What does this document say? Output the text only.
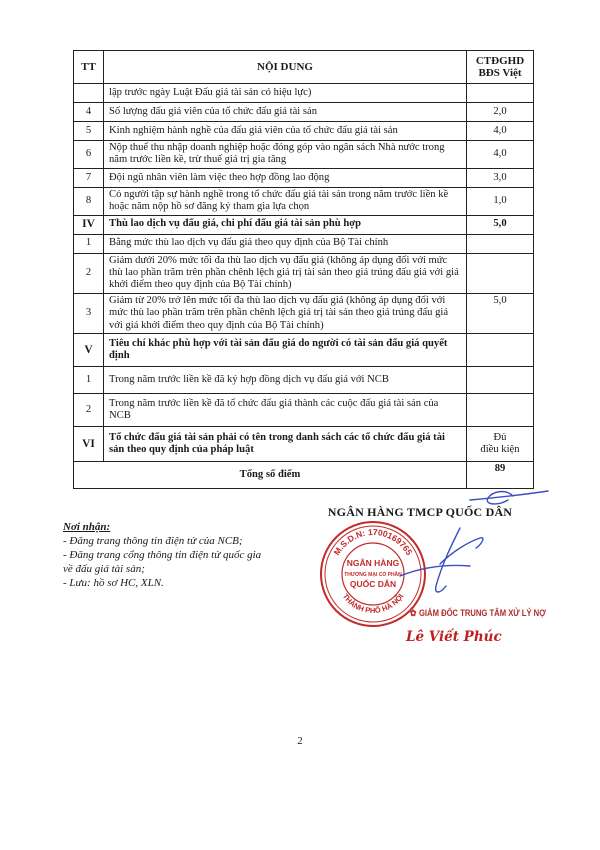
TT	NỘI DUNG	CTĐGHD
BĐS Việt
	lập trước ngày Luật Đấu giá tài sản có hiệu lực)	
4	Số lượng đấu giá viên của tổ chức đấu giá tài sản	2,0
5	Kinh nghiệm hành nghề của đấu giá viên của tổ chức đấu giá tài sản	4,0
6	Nộp thuế thu nhập doanh nghiệp hoặc đóng góp vào ngân sách Nhà nước trong năm trước liền kề, trừ thuế giá trị gia tăng	4,0
7	Đội ngũ nhân viên làm việc theo hợp đồng lao động	3,0
8	Có người tập sự hành nghề trong tổ chức đấu giá tài sản trong năm trước liền kề hoặc năm nộp hồ sơ đăng ký tham gia lựa chọn	1,0
IV	Thù lao dịch vụ đấu giá, chi phí đấu giá tài sản phù hợp	5,0
1	Bằng mức thù lao dịch vụ đấu giá theo quy định của Bộ Tài chính	
2	Giảm dưới 20% mức tối đa thù lao dịch vụ đấu giá (không áp dụng đối với mức thù lao phần trăm trên phần chênh lệch giá trị tài sản theo giá trúng đấu giá với giá khởi điểm theo quy định của Bộ Tài chính)	
3	Giảm từ 20% trở lên mức tối đa thù lao dịch vụ đấu giá (không áp dụng đối với mức thù lao phần trăm trên phần chênh lệch giá trị tài sản theo giá trúng đấu giá với giá khởi điểm theo quy định của Bộ Tài chính)	5,0
V	Tiêu chí khác phù hợp với tài sản đấu giá do người có tài sản đấu giá quyết định	
1	Trong năm trước liền kề đã ký hợp đồng dịch vụ đấu giá với NCB	
2	Trong năm trước liền kề đã tổ chức đấu giá thành các cuộc đấu giá tài sản của NCB	
VI	Tổ chức đấu giá tài sản phải có tên trong danh sách các tổ chức đấu giá tài sản theo quy định của pháp luật	Đủ
điều kiện
Tổng số điểm		89
Nơi nhận:
- Đăng trang thông tin điện tử của NCB;
- Đăng trang cổng thông tin điện tử quốc gia về đấu giá tài sản;
- Lưu: hồ sơ HC, XLN.
NGÂN HÀNG TMCP QUỐC DÂN
M.S.D.N: 1700169765
THÀNH PHỐ HÀ NỘI
NGÂN HÀNG
THƯƠNG MẠI CỔ PHẦN
QUỐC DÂN
✿ GIÁM ĐỐC TRUNG TÂM XỬ LÝ NỢ
Lê Viết Phúc
2
